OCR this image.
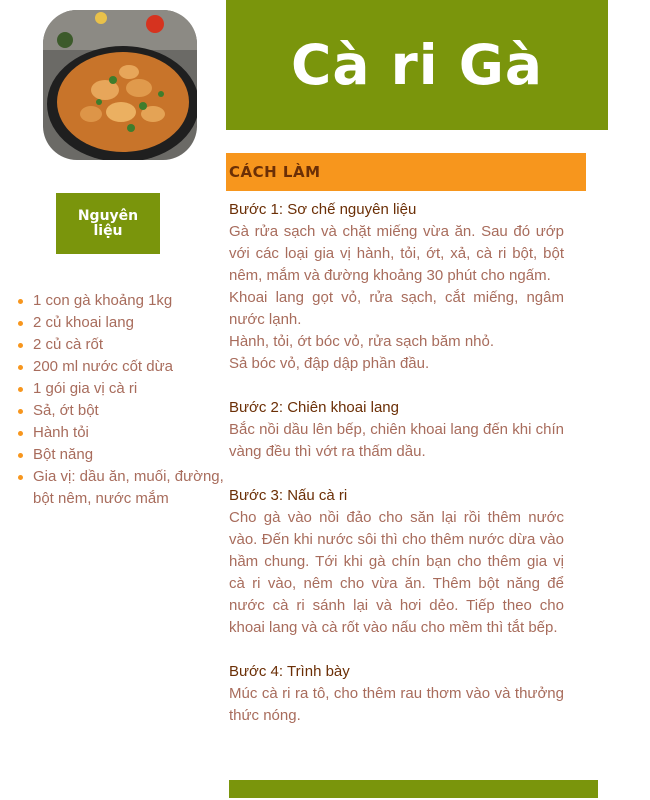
Cà ri Gà
Nguyên liệu
1 con gà khoảng 1kg
2 củ khoai lang
2 củ cà rốt
200 ml nước cốt dừa
1 gói gia vị cà ri
Sả, ớt bột
Hành tỏi
Bột năng
Gia vị: dầu ăn, muối, đường, bột nêm, nước mắm
CÁCH LÀM
Bước 1: Sơ chế nguyên liệu
Gà rửa sạch và chặt miếng vừa ăn. Sau đó ướp với các loại gia vị hành, tỏi, ớt, xả, cà ri bột, bột nêm, mắm và đường khoảng 30 phút cho ngấm.
Khoai lang gọt vỏ, rửa sạch, cắt miếng, ngâm nước lạnh.
Hành, tỏi, ớt bóc vỏ, rửa sạch băm nhỏ.
Sả bóc vỏ, đập dập phần đầu.
Bước 2: Chiên khoai lang
Bắc nồi dầu lên bếp, chiên khoai lang đến khi chín vàng đều thì vớt ra thấm dầu.
Bước 3: Nấu cà ri
Cho gà vào nồi đảo cho săn lại rồi thêm nước vào. Đến khi nước sôi thì cho thêm nước dừa vào hầm chung. Tới khi gà chín bạn cho thêm gia vị cà ri vào, nêm cho vừa ăn. Thêm bột năng để nước cà ri sánh lại và hơi dẻo. Tiếp theo cho khoai lang và cà rốt vào nấu cho mềm thì tắt bếp.
Bước 4: Trình bày
Múc cà ri ra tô, cho thêm rau thơm vào và thưởng thức nóng.
